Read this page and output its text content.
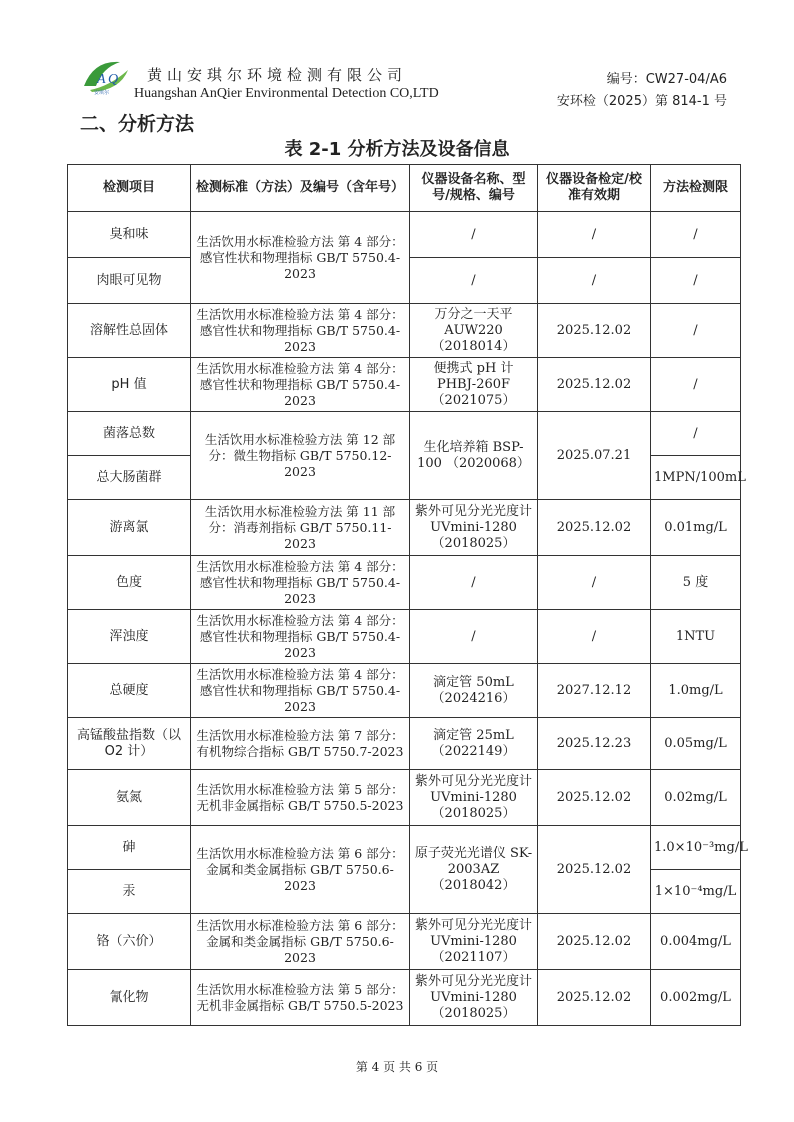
A Q
安琪尔
黄山安琪尔环境检测有限公司
Huangshan AnQier Environmental Detection CO,LTD
编号：CW27-04/A6
安环检（2025）第 814-1 号
二、分析方法
表 2-1 分析方法及设备信息
检测项目	检测标准（方法）及编号（含年号）	仪器设备名称、型号/规格、编号	仪器设备检定/校准有效期	方法检测限
臭和味	生活饮用水标准检验方法 第 4 部分：感官性状和物理指标 GB/T 5750.4-2023	/	/	/
肉眼可见物		/	/	/
溶解性总固体	生活饮用水标准检验方法 第 4 部分：感官性状和物理指标 GB/T 5750.4-2023	万分之一天平 AUW220 （2018014）	2025.12.02	/
pH 值	生活饮用水标准检验方法 第 4 部分：感官性状和物理指标 GB/T 5750.4-2023	便携式 pH 计 PHBJ-260F （2021075）	2025.12.02	/
菌落总数	生活饮用水标准检验方法 第 12 部分：微生物指标 GB/T 5750.12-2023	生化培养箱 BSP-100 （2020068）	2025.07.21	/
总大肠菌群				1MPN/100mL
游离氯	生活饮用水标准检验方法 第 11 部分：消毒剂指标 GB/T 5750.11-2023	紫外可见分光光度计 UVmini-1280 （2018025）	2025.12.02	0.01mg/L
色度	生活饮用水标准检验方法 第 4 部分：感官性状和物理指标 GB/T 5750.4-2023	/	/	5 度
浑浊度	生活饮用水标准检验方法 第 4 部分：感官性状和物理指标 GB/T 5750.4-2023	/	/	1NTU
总硬度	生活饮用水标准检验方法 第 4 部分：感官性状和物理指标 GB/T 5750.4-2023	滴定管 50mL （2024216）	2027.12.12	1.0mg/L
高锰酸盐指数（以 O2 计）	生活饮用水标准检验方法 第 7 部分：有机物综合指标 GB/T 5750.7-2023	滴定管 25mL （2022149）	2025.12.23	0.05mg/L
氨氮	生活饮用水标准检验方法 第 5 部分：无机非金属指标 GB/T 5750.5-2023	紫外可见分光光度计 UVmini-1280 （2018025）	2025.12.02	0.02mg/L
砷	生活饮用水标准检验方法 第 6 部分：金属和类金属指标 GB/T 5750.6-2023	原子荧光光谱仪 SK-2003AZ （2018042）	2025.12.02	1.0×10⁻³mg/L
汞				1×10⁻⁴mg/L
铬（六价）	生活饮用水标准检验方法 第 6 部分：金属和类金属指标 GB/T 5750.6-2023	紫外可见分光光度计 UVmini-1280 （2021107）	2025.12.02	0.004mg/L
氰化物	生活饮用水标准检验方法 第 5 部分：无机非金属指标 GB/T 5750.5-2023	紫外可见分光光度计 UVmini-1280 （2018025）	2025.12.02	0.002mg/L
第 4 页 共 6 页
